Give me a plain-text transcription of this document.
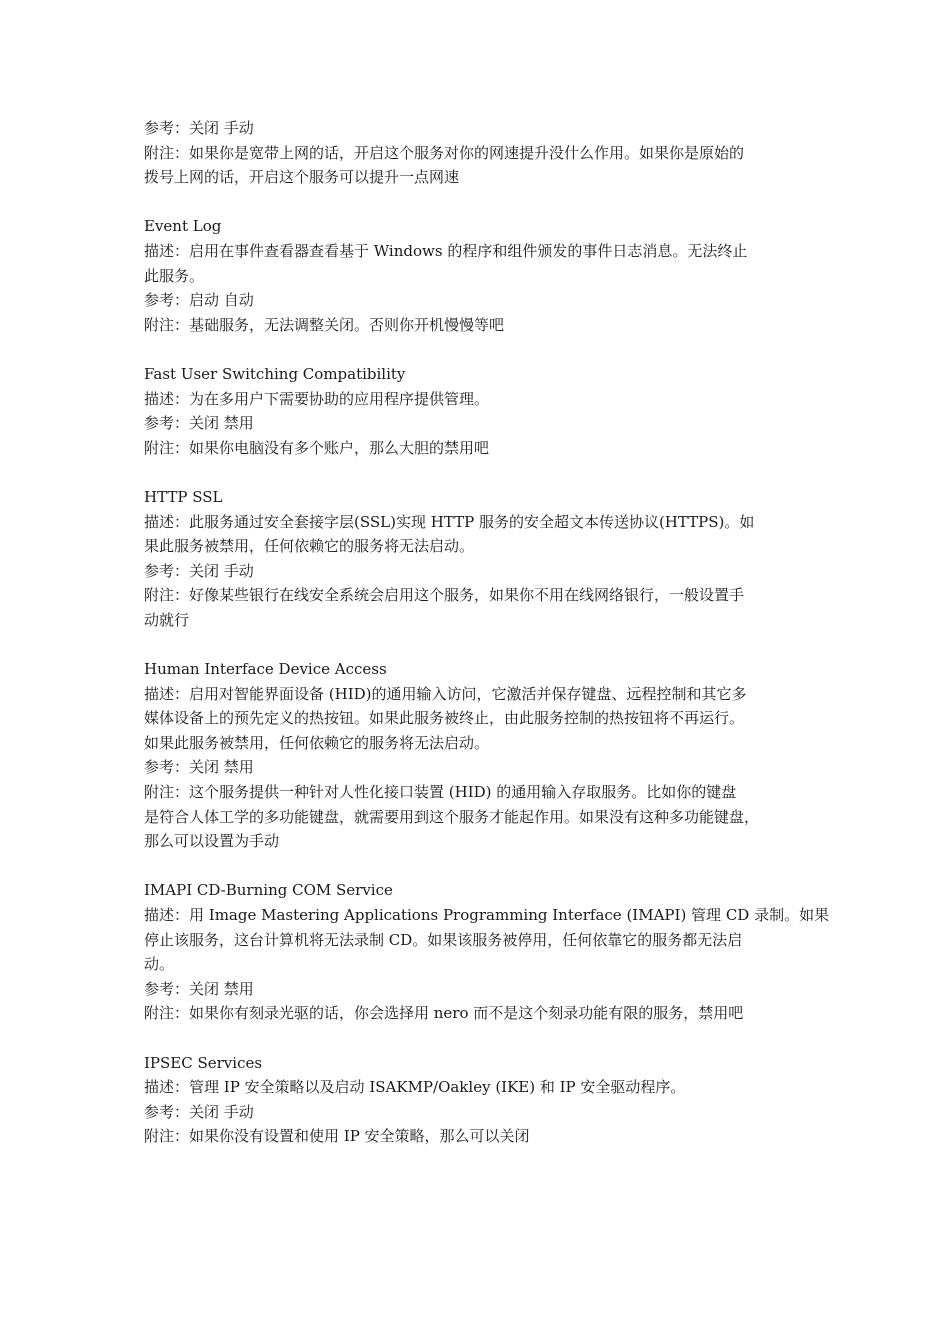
参考：关闭 手动
附注：如果你是宽带上网的话，开启这个服务对你的网速提升没什么作用。如果你是原始的
拨号上网的话，开启这个服务可以提升一点网速
Event Log
描述：启用在事件查看器查看基于 Windows 的程序和组件颁发的事件日志消息。无法终止
此服务。
参考：启动 自动
附注：基础服务，无法调整关闭。否则你开机慢慢等吧
Fast User Switching Compatibility
描述：为在多用户下需要协助的应用程序提供管理。
参考：关闭 禁用
附注：如果你电脑没有多个账户，那么大胆的禁用吧
HTTP SSL
描述：此服务通过安全套接字层(SSL)实现 HTTP 服务的安全超文本传送协议(HTTPS)。如
果此服务被禁用，任何依赖它的服务将无法启动。
参考：关闭 手动
附注：好像某些银行在线安全系统会启用这个服务，如果你不用在线网络银行，一般设置手
动就行
Human Interface Device Access
描述：启用对智能界面设备 (HID)的通用输入访问，它激活并保存键盘、远程控制和其它多
媒体设备上的预先定义的热按钮。如果此服务被终止，由此服务控制的热按钮将不再运行。
如果此服务被禁用，任何依赖它的服务将无法启动。
参考：关闭 禁用
附注：这个服务提供一种针对人性化接口装置 (HID) 的通用输入存取服务。比如你的键盘
是符合人体工学的多功能键盘，就需要用到这个服务才能起作用。如果没有这种多功能键盘，
那么可以设置为手动
IMAPI CD-Burning COM Service
描述：用 Image Mastering Applications Programming Interface (IMAPI) 管理 CD 录制。如果
停止该服务，这台计算机将无法录制 CD。如果该服务被停用，任何依靠它的服务都无法启
动。
参考：关闭 禁用
附注：如果你有刻录光驱的话，你会选择用 nero 而不是这个刻录功能有限的服务，禁用吧
IPSEC Services
描述：管理 IP 安全策略以及启动 ISAKMP/Oakley (IKE) 和 IP 安全驱动程序。
参考：关闭 手动
附注：如果你没有设置和使用 IP 安全策略，那么可以关闭
